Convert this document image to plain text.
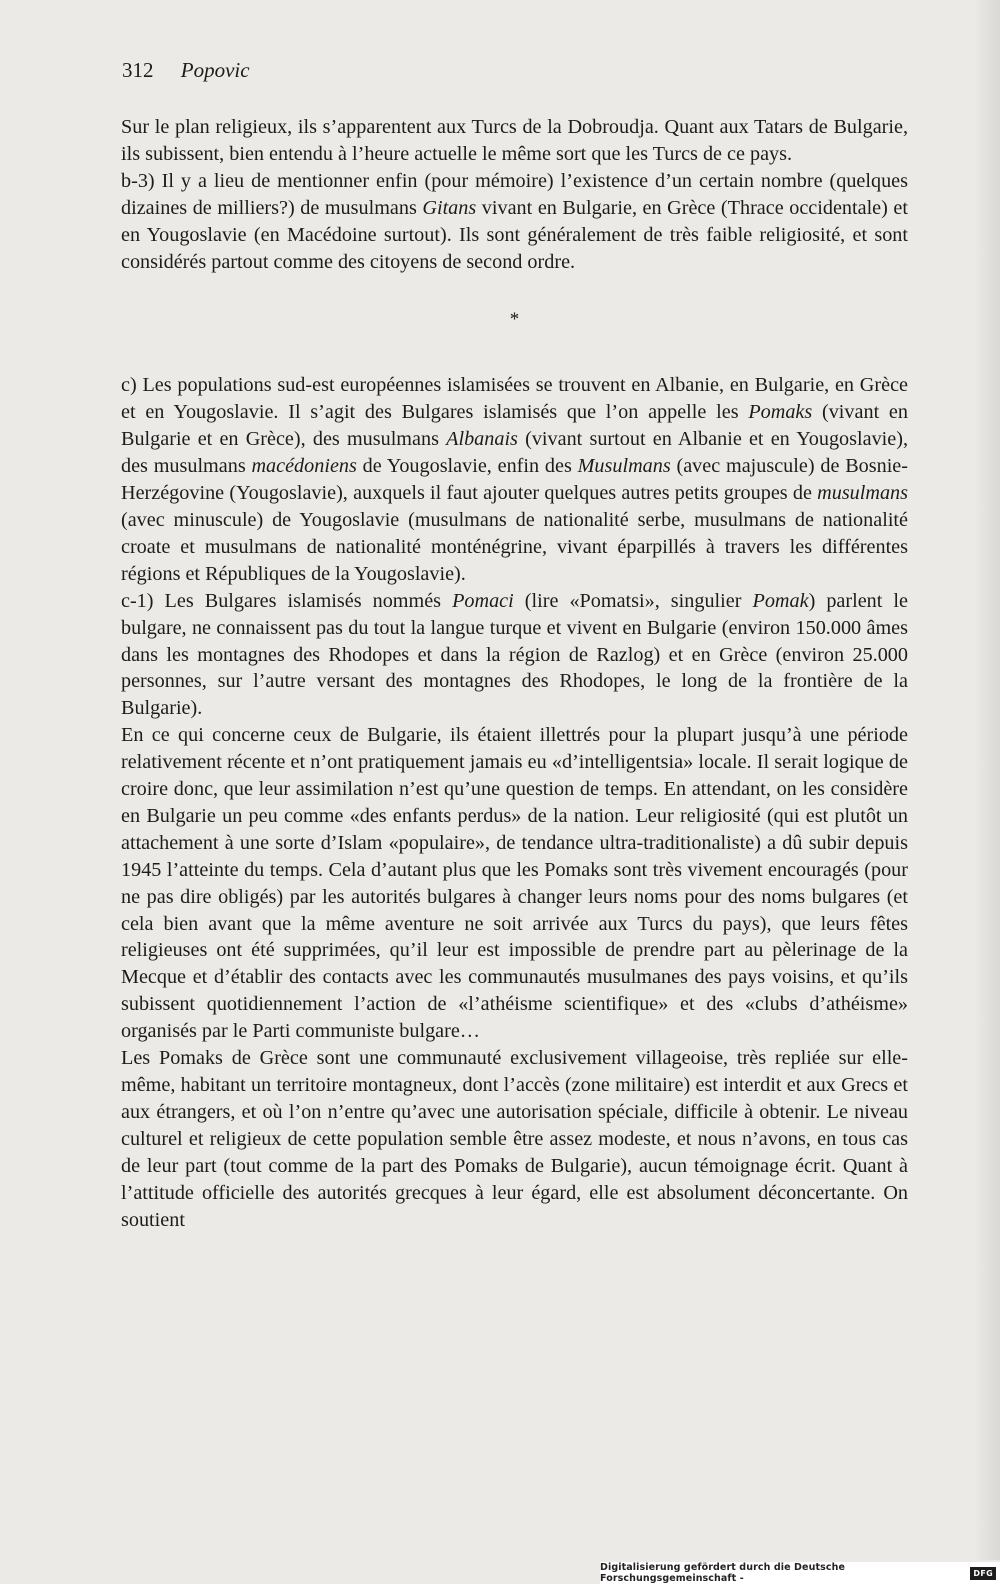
312 Popovic

Sur le plan religieux, ils s’apparentent aux Turcs de la Dobroudja. Quant aux Tatars de Bulgarie, ils subissent, bien entendu à l’heure actuelle le même sort que les Turcs de ce pays.

b-3) Il y a lieu de mentionner enfin (pour mémoire) l’existence d’un certain nombre (quelques dizaines de milliers?) de musulmans Gitans vivant en Bulgarie, en Grèce (Thrace occidentale) et en Yougoslavie (en Macédoine surtout). Ils sont généralement de très faible religiosité, et sont considérés partout comme des citoyens de second ordre.

*

c) Les populations sud-est européennes islamisées se trouvent en Albanie, en Bulgarie, en Grèce et en Yougoslavie. Il s’agit des Bulgares islamisés que l’on appelle les Pomaks (vivant en Bulgarie et en Grèce), des musulmans Albanais (vivant surtout en Albanie et en Yougoslavie), des musulmans macédoniens de Yougoslavie, enfin des Musulmans (avec majuscule) de Bosnie-Herzégovine (Yougoslavie), auxquels il faut ajouter quelques autres petits groupes de musulmans (avec minuscule) de Yougoslavie (musulmans de nationalité serbe, musulmans de nationalité croate et musulmans de nationalité monténégrine, vivant éparpillés à travers les différentes régions et Républiques de la Yougoslavie).

c-1) Les Bulgares islamisés nommés Pomaci (lire «Pomatsi», singulier Pomak) parlent le bulgare, ne connaissent pas du tout la langue turque et vivent en Bulgarie (environ 150.000 âmes dans les montagnes des Rhodopes et dans la région de Razlog) et en Grèce (environ 25.000 personnes, sur l’autre versant des montagnes des Rhodopes, le long de la frontière de la Bulgarie).

En ce qui concerne ceux de Bulgarie, ils étaient illettrés pour la plupart jusqu’à une période relativement récente et n’ont pratiquement jamais eu «d’intelligentsia» locale. Il serait logique de croire donc, que leur assimilation n’est qu’une question de temps. En attendant, on les considère en Bulgarie un peu comme «des enfants perdus» de la nation. Leur religiosité (qui est plutôt un attachement à une sorte d’Islam «populaire», de tendance ultra-traditionaliste) a dû subir depuis 1945 l’atteinte du temps. Cela d’autant plus que les Pomaks sont très vivement encouragés (pour ne pas dire obligés) par les autorités bulgares à changer leurs noms pour des noms bulgares (et cela bien avant que la même aventure ne soit arrivée aux Turcs du pays), que leurs fêtes religieuses ont été supprimées, qu’il leur est impossible de prendre part au pèlerinage de la Mecque et d’établir des contacts avec les communautés musulmanes des pays voisins, et qu’ils subissent quotidiennement l’action de «l’athéisme scientifique» et des «clubs d’athéisme» organisés par le Parti communiste bulgare…

Les Pomaks de Grèce sont une communauté exclusivement villageoise, très repliée sur elle-même, habitant un territoire montagneux, dont l’accès (zone militaire) est interdit et aux Grecs et aux étrangers, et où l’on n’entre qu’avec une autorisation spéciale, difficile à obtenir. Le niveau culturel et religieux de cette population semble être assez modeste, et nous n’avons, en tous cas de leur part (tout comme de la part des Pomaks de Bulgarie), aucun témoignage écrit. Quant à l’attitude officielle des autorités grecques à leur égard, elle est absolument déconcertante. On soutient

Digitalisierung gefördert durch die Deutsche Forschungsgemeinschaft -	DFG
